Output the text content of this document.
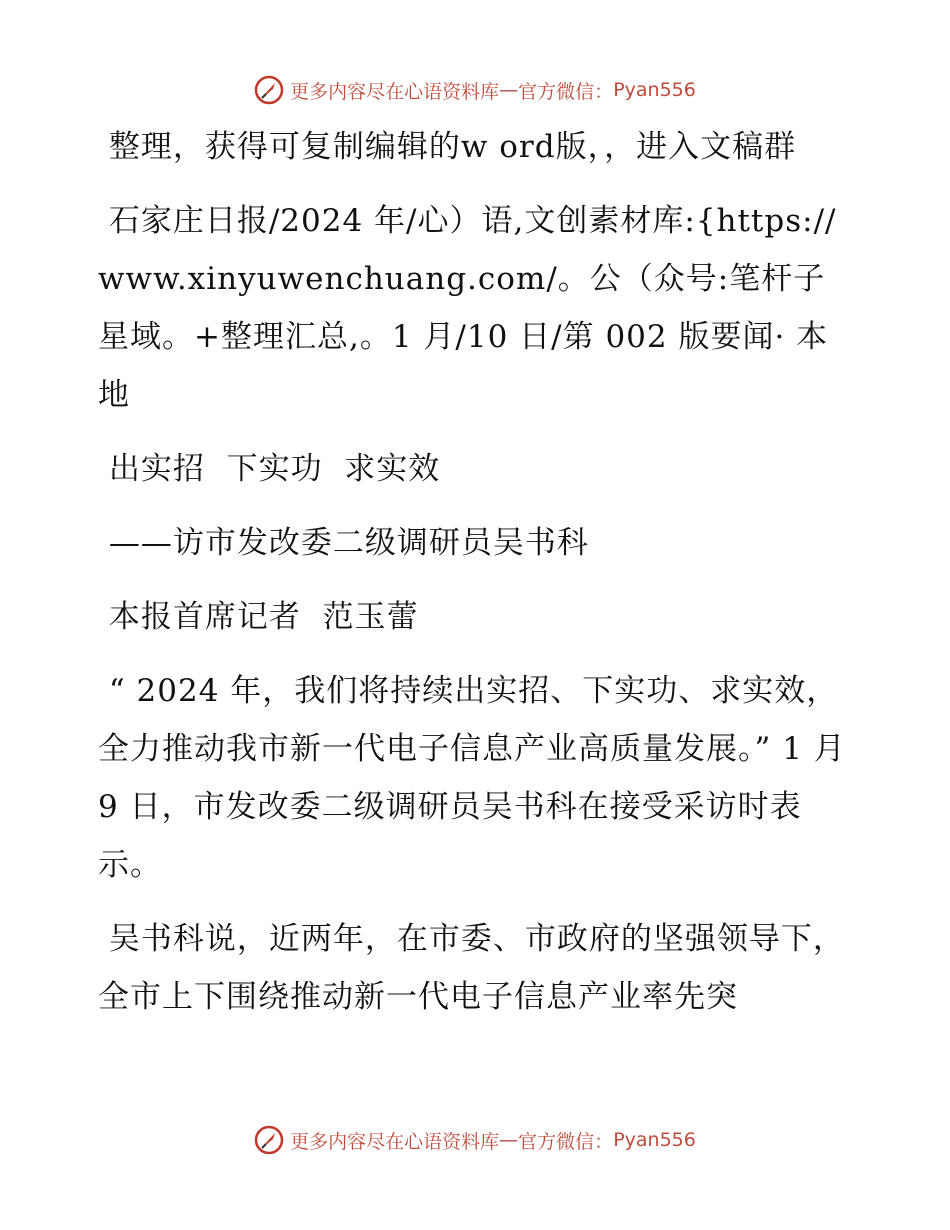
更多内容尽在心语资料库 — 官方微信： Pyan556

整理，获得可复制编辑的w ord版，，进入文稿群

石家庄日报/2024 年/心）语,文创素材库:{https://www.xinyuwenchuang.com/。公（众号:笔杆子星域。+整理汇总,。1 月/10 日/第 002 版要闻· 本地

出实招  下实功  求实效

——访市发改委二级调研员吴书科

本报首席记者  范玉蕾

“ 2024 年，我们将持续出实招、下实功、求实效，全力推动我市新一代电子信息产业高质量发展。” 1 月 9 日，市发改委二级调研员吴书科在接受采访时表示。

吴书科说，近两年，在市委、市政府的坚强领导下，全市上下围绕推动新一代电子信息产业率先突

更多内容尽在心语资料库 — 官方微信： Pyan556
